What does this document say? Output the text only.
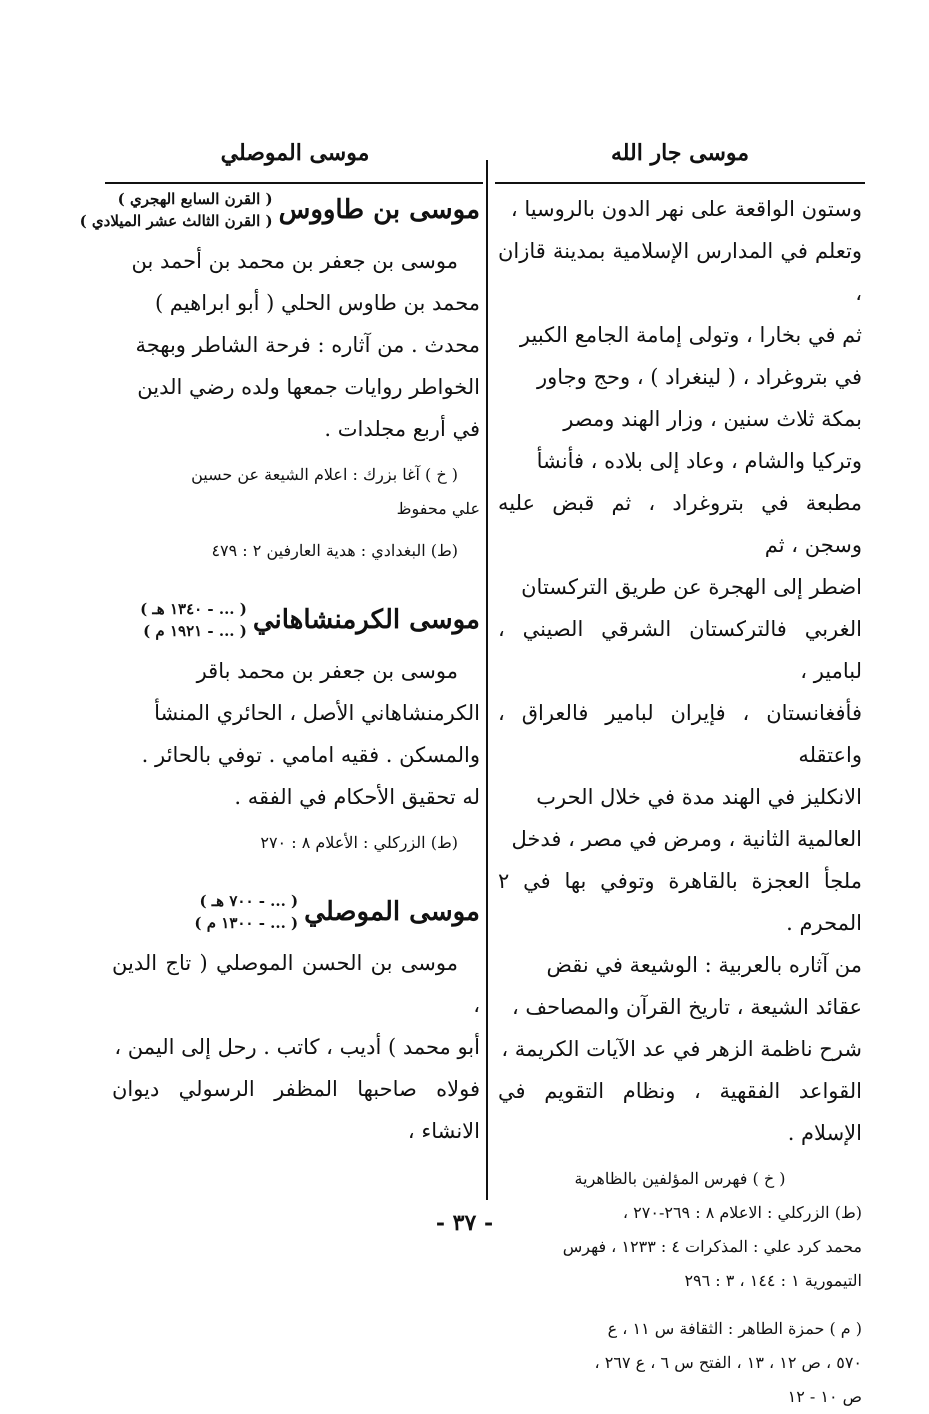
موسى جار الله
موسى الموصلي

وستون الواقعة على نهر الدون بالروسيا ،

وتعلم في المدارس الإسلامية بمدينة قازان ،

ثم في بخارا ، وتولى إمامة الجامع الكبير

في بتروغراد ، ( لينغراد ) ، وحج وجاور

بمكة ثلاث سنين ، وزار الهند ومصر

وتركيا والشام ، وعاد إلى بلاده ، فأنشأ

مطبعة في بتروغراد ، ثم قبض عليه وسجن ، ثم

اضطر إلى الهجرة عن طريق التركستان

الغربي فالتركستان الشرقي الصيني ، لبامير ،

فأفغانستان ، فإيران لبامير فالعراق ، واعتقله

الانكليز في الهند مدة في خلال الحرب

العالمية الثانية ، ومرض في مصر ، فدخل

ملجأ العجزة بالقاهرة وتوفي بها في ٢ المحرم .

من آثاره بالعربية : الوشيعة في نقض

عقائد الشيعة ، تاريخ القرآن والمصاحف ،

شرح ناظمة الزهر في عد الآيات الكريمة ،

القواعد الفقهية ، ونظام التقويم في الإسلام .

( خ ) فهرس المؤلفين بالظاهرية

(ط) الزركلي : الاعلام ٨ : ٢٦٩-٢٧٠ ،

محمد كرد علي : المذكرات ٤ : ١٢٣٣ ، فهرس

التيمورية ١ : ١٤٤ ، ٣ : ٢٩٦

( م ) حمزة الطاهر : الثقافة س ١١ ، ع

٥٧٠ ، ص ١٢ ، ١٣ ، الفتح س ٦ ، ع ٢٦٧ ،

ص ١٠ - ١٢

موسى بن طاووس
( القرن السابع الهجري )
( القرن الثالث عشر الميلادي )

موسى بن جعفر بن محمد بن أحمد بن

محمد بن طاوس الحلي ( أبو ابراهيم )

محدث . من آثاره : فرحة الشاطر وبهجة

الخواطر روايات جمعها ولده رضي الدين

في أربع مجلدات .

( خ ) آغا بزرك : اعلام الشيعة عن حسين

علي محفوظ

(ط) البغدادي : هدية العارفين ٢ : ٤٧٩

موسى الكرمنشاهاني
( ... - ١٣٤٠ هـ )
( ... - ١٩٢١ م )

موسى بن جعفر بن محمد باقر

الكرمنشاهاني الأصل ، الحائري المنشأ

والمسكن . فقيه امامي . توفي بالحائر .

له تحقيق الأحكام في الفقه .

(ط) الزركلي : الأعلام ٨ : ٢٧٠

موسى الموصلي
( ... - ٧٠٠ هـ )
( ... - ١٣٠٠ م )

موسى بن الحسن الموصلي ( تاج الدين ،

أبو محمد ) أديب ، كاتب . رحل إلى اليمن ،

فولاه صاحبها المظفر الرسولي ديوان الانشاء ،

- ٣٧ -
